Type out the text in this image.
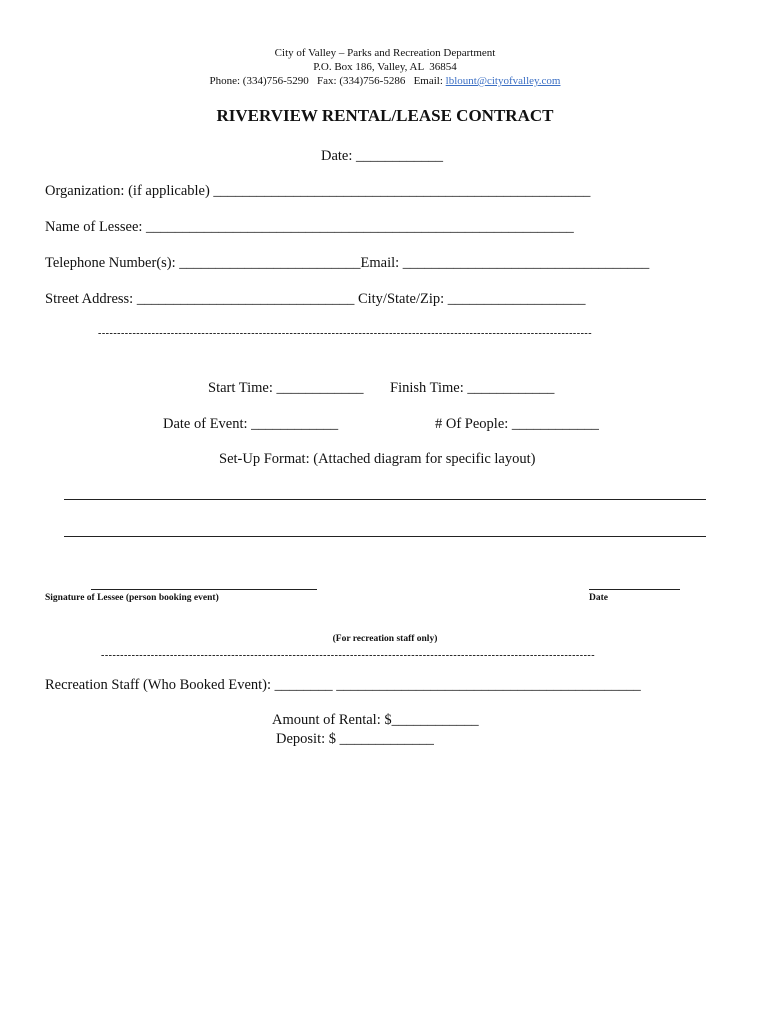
City of Valley – Parks and Recreation Department
P.O. Box 186, Valley, AL  36854
Phone: (334)756-5290   Fax: (334)756-5286   Email: lblount@cityofvalley.com
RIVERVIEW RENTAL/LEASE CONTRACT
Date: ____________
Organization: (if applicable) ____________________________________________________
Name of Lessee: ___________________________________________________________
Telephone Number(s): _________________________Email: __________________________________
Street Address: ______________________________ City/State/Zip: ___________________
---------------------------------------------------------------------------------------------------------------------------------
Start Time: ____________ Finish Time: ____________
Date of Event: ____________	# Of People: ____________
Set-Up Format: (Attached diagram for specific layout)
Signature of Lessee (person booking event)	Date
(For recreation staff only)
---------------------------------------------------------------------------------------------------------------------------------
Recreation Staff (Who Booked Event): ________ __________________________________________
Amount of Rental: $____________
Deposit: $ _____________
